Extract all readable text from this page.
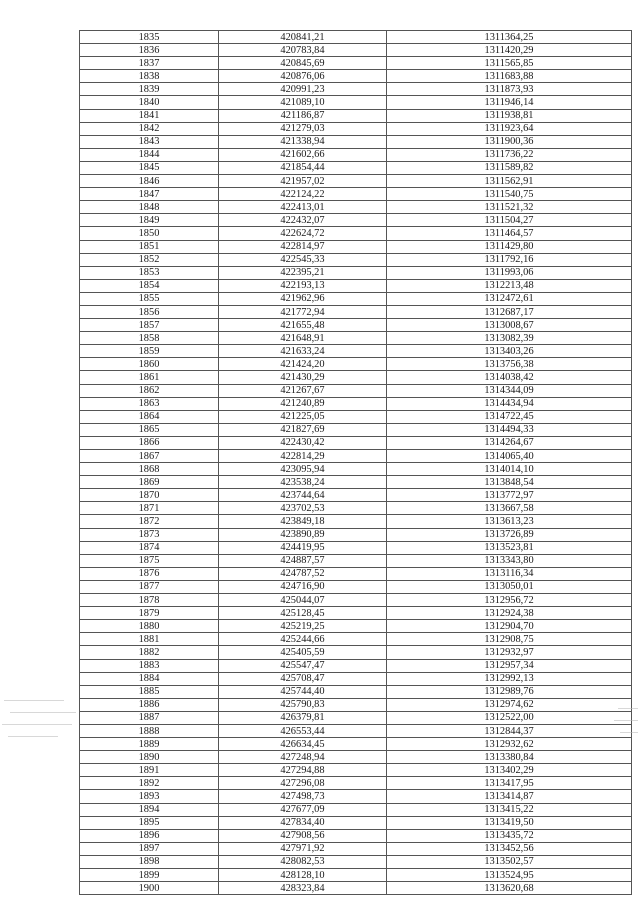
1835	420841,21	1311364,25
1836	420783,84	1311420,29
1837	420845,69	1311565,85
1838	420876,06	1311683,88
1839	420991,23	1311873,93
1840	421089,10	1311946,14
1841	421186,87	1311938,81
1842	421279,03	1311923,64
1843	421338,94	1311900,36
1844	421602,66	1311736,22
1845	421854,44	1311589,82
1846	421957,02	1311562,91
1847	422124,22	1311540,75
1848	422413,01	1311521,32
1849	422432,07	1311504,27
1850	422624,72	1311464,57
1851	422814,97	1311429,80
1852	422545,33	1311792,16
1853	422395,21	1311993,06
1854	422193,13	1312213,48
1855	421962,96	1312472,61
1856	421772,94	1312687,17
1857	421655,48	1313008,67
1858	421648,91	1313082,39
1859	421633,24	1313403,26
1860	421424,20	1313756,38
1861	421430,29	1314038,42
1862	421267,67	1314344,09
1863	421240,89	1314434,94
1864	421225,05	1314722,45
1865	421827,69	1314494,33
1866	422430,42	1314264,67
1867	422814,29	1314065,40
1868	423095,94	1314014,10
1869	423538,24	1313848,54
1870	423744,64	1313772,97
1871	423702,53	1313667,58
1872	423849,18	1313613,23
1873	423890,89	1313726,89
1874	424419,95	1313523,81
1875	424887,57	1313343,80
1876	424787,52	1313116,34
1877	424716,90	1313050,01
1878	425044,07	1312956,72
1879	425128,45	1312924,38
1880	425219,25	1312904,70
1881	425244,66	1312908,75
1882	425405,59	1312932,97
1883	425547,47	1312957,34
1884	425708,47	1312992,13
1885	425744,40	1312989,76
1886	425790,83	1312974,62
1887	426379,81	1312522,00
1888	426553,44	1312844,37
1889	426634,45	1312932,62
1890	427248,94	1313380,84
1891	427294,88	1313402,29
1892	427296,08	1313417,95
1893	427498,73	1313414,87
1894	427677,09	1313415,22
1895	427834,40	1313419,50
1896	427908,56	1313435,72
1897	427971,92	1313452,56
1898	428082,53	1313502,57
1899	428128,10	1313524,95
1900	428323,84	1313620,68
